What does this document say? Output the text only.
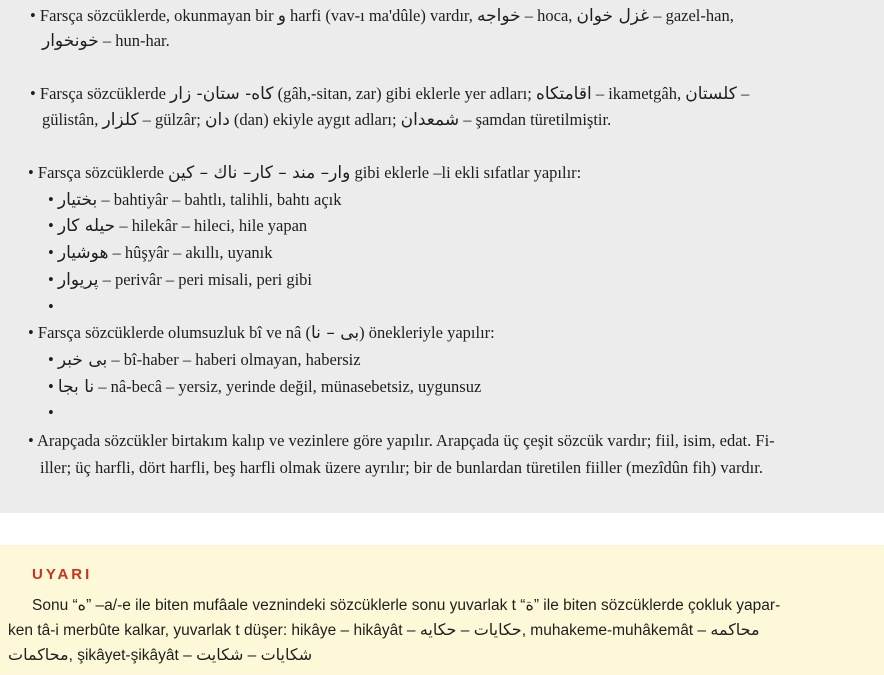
• Farsça sözcüklerde, okunmayan bir و harfi (vav-ı ma'dûle) vardır, خواجه – hoca, غزل خوان – gazel-han,
خونخوار – hun-har.
• Farsça sözcüklerde كاه- ستان- زار (gâh,-sitan, zar) gibi eklerle yer adları; اقامتكاه – ikametgâh, كلستان –
gülistân, كلزار – gülzâr; دان (dan) ekiyle aygıt adları; شمعدان – şamdan türetilmiştir.
• Farsça sözcüklerde وار– مند – كار– ناك – كين gibi eklerle –li ekli sıfatlar yapılır:
• بختيار – bahtiyâr – bahtlı, talihli, bahtı açık
• حيله كار – hilekâr – hileci, hile yapan
• هوشيار – hûşyâr – akıllı, uyanık
• پريوار – perivâr – peri misali, peri gibi
•
• Farsça sözcüklerde olumsuzluk bî ve nâ (بى – نا) önekleriyle yapılır:
• بى خبر – bî-haber – haberi olmayan, habersiz
• نا بجا – nâ-becâ – yersiz, yerinde değil, münasebetsiz, uygunsuz
•
• Arapçada sözcükler birtakım kalıp ve vezinlere göre yapılır. Arapçada üç çeşit sözcük vardır; fiil, isim, edat. Fi-
iller; üç harfli, dört harfli, beş harfli olmak üzere ayrılır; bir de bunlardan türetilen fiiller (mezîdûn fih) vardır.
UYARI
Sonu “ه” –a/-e ile biten mufâale veznindeki sözcüklerle sonu yuvarlak t “ة” ile biten sözcüklerde çokluk yapar-
ken tâ-i merbûte kalkar, yuvarlak t düşer: hikâye – hikâyât –	حكايات – حكايه	, muhakeme-muhâkemât – محاكمه
محاكمات, şikâyet-şikâyât –	شكايات – شكايت
